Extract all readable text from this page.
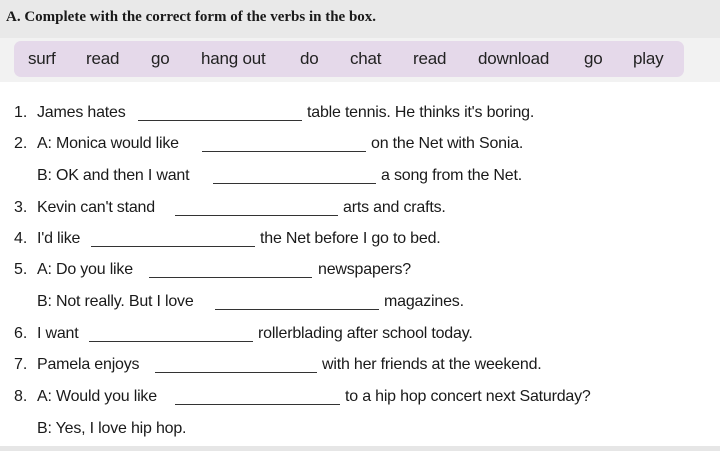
A. Complete with the correct form of the verbs in the box.
surf read go hang out do chat read download go play
1. James hates	table tennis. He thinks it's boring.
2. A: Monica would like	on the Net with Sonia.
B: OK and then I want	a song from the Net.
3. Kevin can't stand	arts and crafts.
4. I'd like	the Net before I go to bed.
5. A: Do you like	newspapers?
B: Not really. But I love	magazines.
6. I want	rollerblading after school today.
7. Pamela enjoys	with her friends at the weekend.
8. A: Would you like	to a hip hop concert next Saturday?
B: Yes, I love hip hop.
